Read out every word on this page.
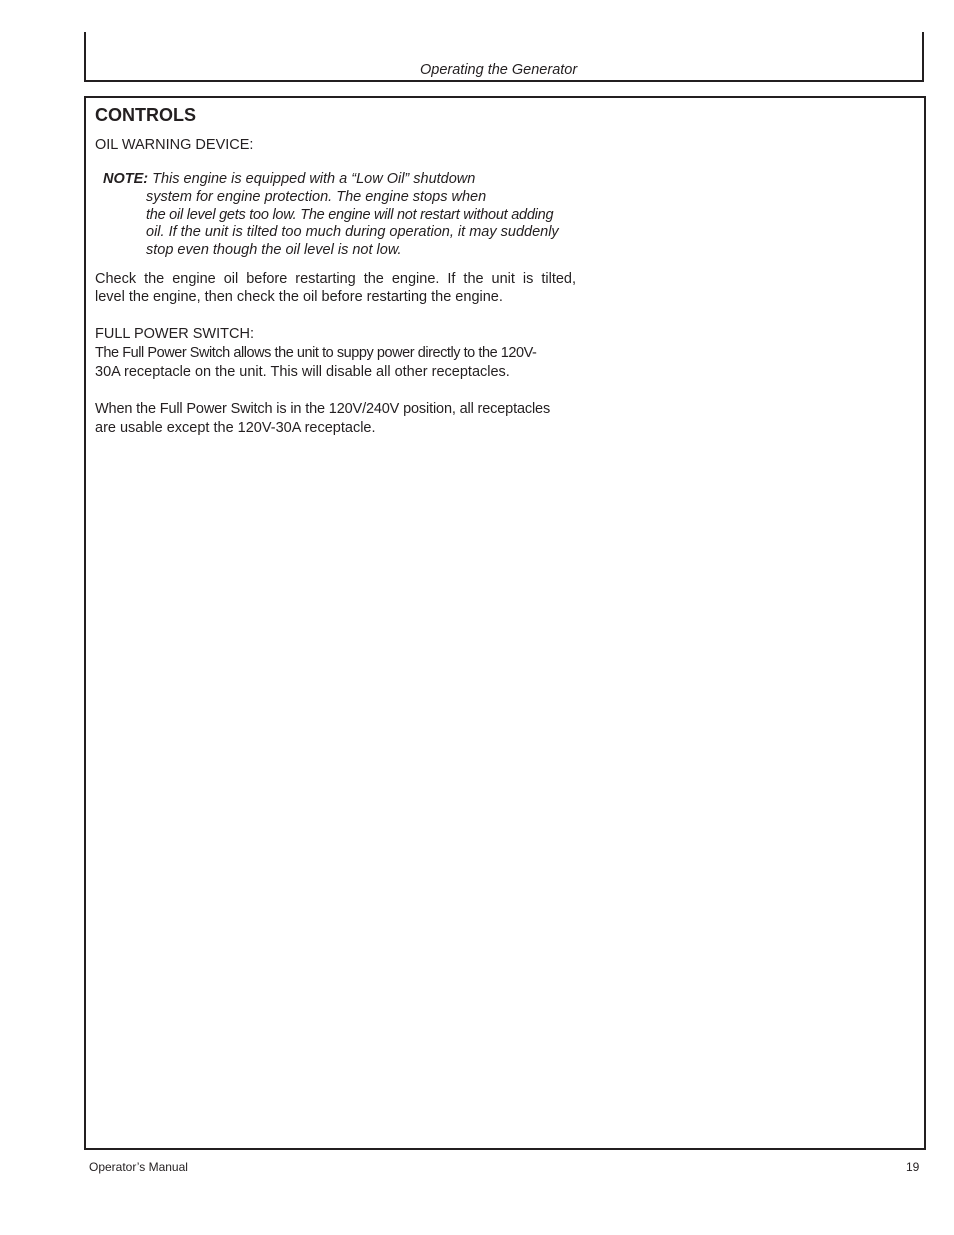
Operating the Generator
CONTROLS
OIL WARNING DEVICE:
NOTE: This engine is equipped with a “Low Oil” shutdown
system for engine protection. The engine stops when
the oil level gets too low. The engine will not restart without adding
oil. If the unit is tilted too much during operation, it may suddenly
stop even though the oil level is not low.
Check the engine oil before restarting the engine. If the unit is tilted,
level the engine, then check the oil before restarting the engine.
FULL POWER SWITCH:
The Full Power Switch allows the unit to suppy power directly to the 120V-
30A receptacle on the unit. This will disable all other receptacles.
When the Full Power Switch is in the 120V/240V position, all receptacles
are usable except the 120V-30A receptacle.
Operator’s Manual	19
